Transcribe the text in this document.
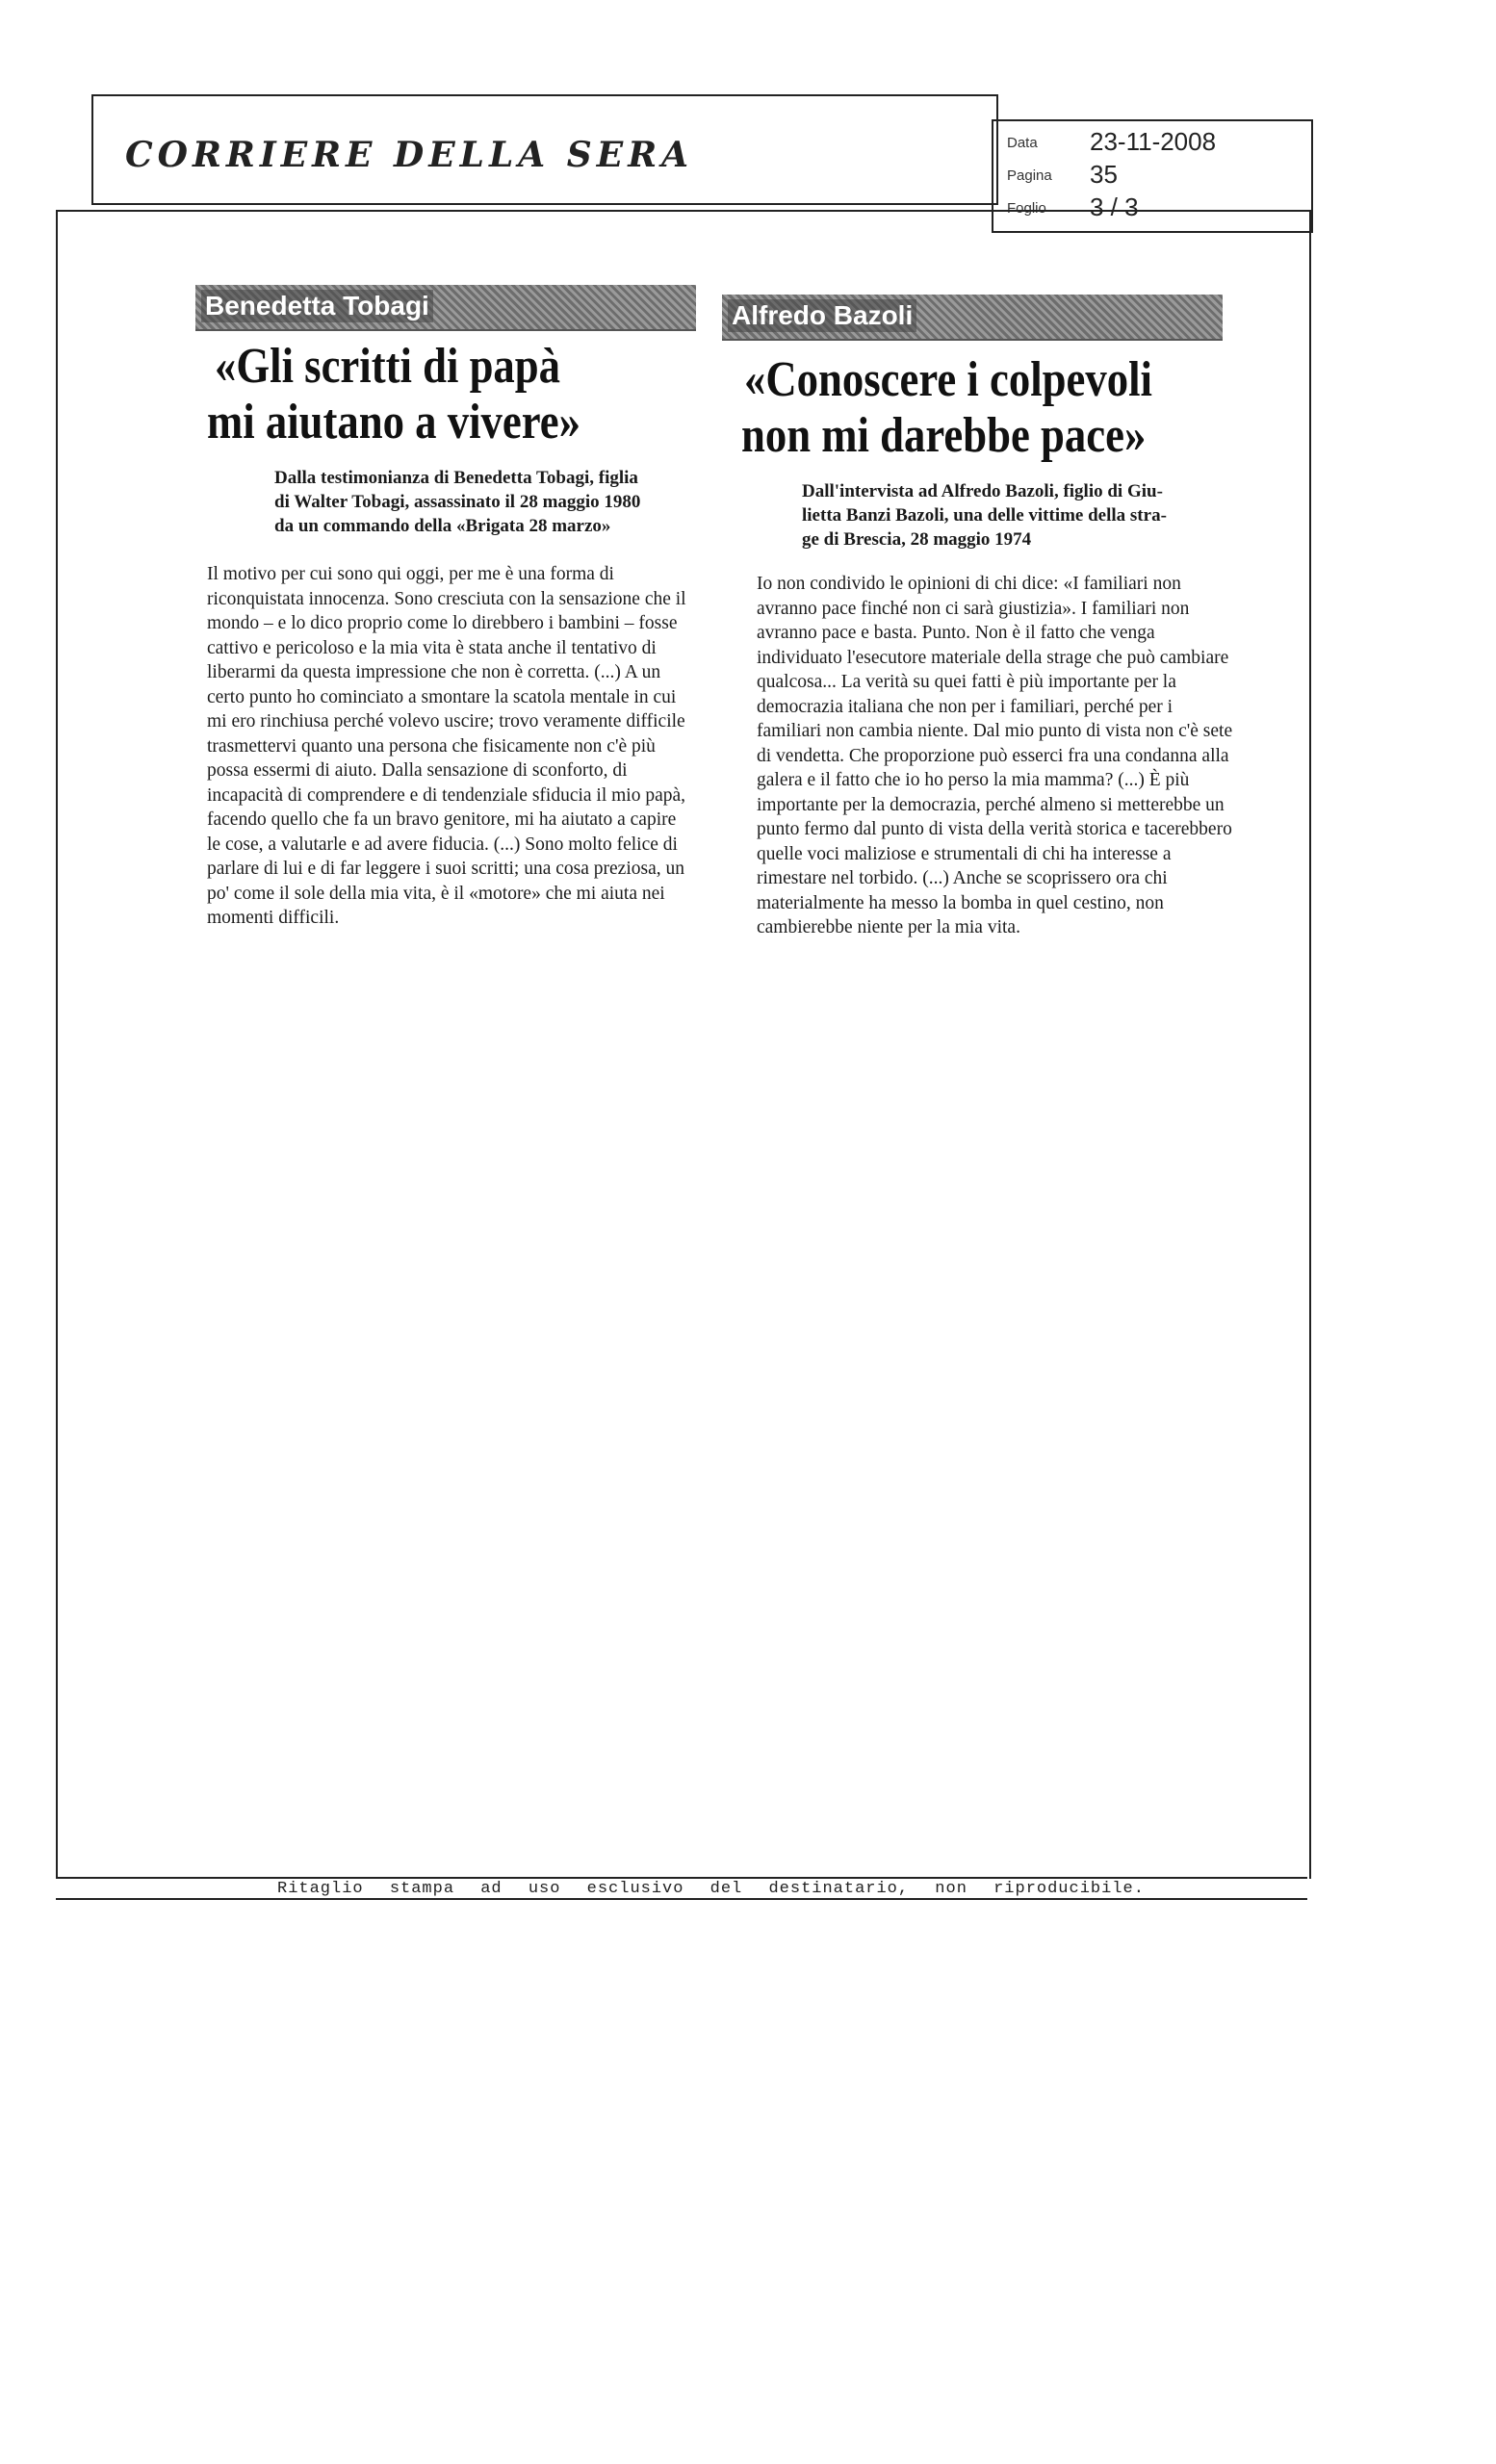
CORRIERE DELLA SERA	Data 23-11-2008
Pagina 35
Foglio 3 / 3
Benedetta Tobagi
«Gli scritti di papà
mi aiutano a vivere»
Dalla testimonianza di Benedetta Tobagi, figlia
di Walter Tobagi, assassinato il 28 maggio 1980
da un commando della «Brigata 28 marzo»
Il motivo per cui sono qui oggi, per me è una forma di riconquistata innocenza. Sono cresciuta con la sensazione che il mondo – e lo dico proprio come lo direbbero i bambini – fosse cattivo e pericoloso e la mia vita è stata anche il tentativo di liberarmi da questa impressione che non è corretta. (...) A un certo punto ho cominciato a smontare la scatola mentale in cui mi ero rinchiusa perché volevo uscire; trovo veramente difficile trasmettervi quanto una persona che fisicamente non c'è più possa essermi di aiuto. Dalla sensazione di sconforto, di incapacità di comprendere e di tendenziale sfiducia il mio papà, facendo quello che fa un bravo genitore, mi ha aiutato a capire le cose, a valutarle e ad avere fiducia. (...) Sono molto felice di parlare di lui e di far leggere i suoi scritti; una cosa preziosa, un po' come il sole della mia vita, è il «motore» che mi aiuta nei momenti difficili.
Alfredo Bazoli
«Conoscere i colpevoli
non mi darebbe pace»
Dall'intervista ad Alfredo Bazoli, figlio di Giu-
lietta Banzi Bazoli, una delle vittime della stra-
ge di Brescia, 28 maggio 1974
Io non condivido le opinioni di chi dice: «I familiari non avranno pace finché non ci sarà giustizia». I familiari non avranno pace e basta. Punto. Non è il fatto che venga individuato l'esecutore materiale della strage che può cambiare qualcosa... La verità su quei fatti è più importante per la democrazia italiana che non per i familiari, perché per i familiari non cambia niente. Dal mio punto di vista non c'è sete di vendetta. Che proporzione può esserci fra una condanna alla galera e il fatto che io ho perso la mia mamma? (...) È più importante per la democrazia, perché almeno si metterebbe un punto fermo dal punto di vista della verità storica e tacerebbero quelle voci maliziose e strumentali di chi ha interesse a rimestare nel torbido. (...) Anche se scoprissero ora chi materialmente ha messo la bomba in quel cestino, non cambierebbe niente per la mia vita.
Ritaglio stampa ad uso esclusivo del destinatario, non riproducibile.
